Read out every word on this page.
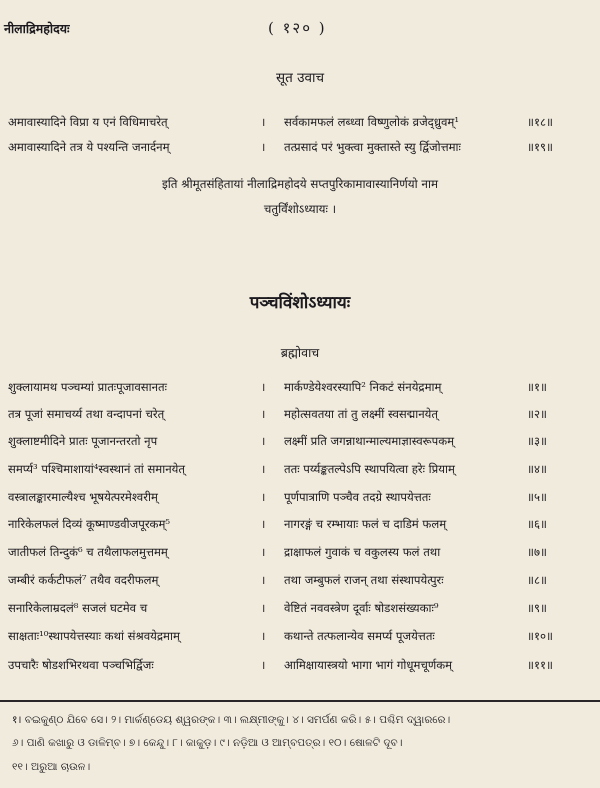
नीलाद्रिमहोदयः	( १२० )
सूत उवाच
अमावास्यादिने विप्रा य एनं विधिमाचरेत्	। सर्वकामफलं लब्ध्वा विष्णुलोकं व्रजेद्ध्रुवम्¹	॥१८॥
अमावास्यादिने तत्र ये पश्यन्ति जनार्दनम्	। तत्प्रसादं परं भुक्त्वा मुक्तास्ते स्यु र्द्विजोत्तमाः	॥१९॥
इति श्रीमूतसंहितायां नीलाद्रिमहोदये सप्तपुरिकामावास्यानिर्णयो नाम
चतुर्विंशोऽध्यायः ।
पञ्चविंशोऽध्यायः
ब्रह्मोवाच
शुक्लायामथ पञ्चम्यां प्रातःपूजावसानतः	। मार्कण्डेयेश्वरस्यापि² निकटं संनयेद्रमाम्	॥१॥
तत्र पूजां समाचर्य्य तथा वन्दापनां चरेत्	। महोत्सवतया तां तु लक्ष्मीं स्वसद्मानयेत्	॥२॥
शुक्लाष्टमीदिने प्रातः पूजानन्तरतो नृप	। लक्ष्मीं प्रति जगन्नाथान्माल्यमाज्ञास्वरूपकम्	॥३॥
समर्प्य³ पश्चिमाशायां⁴स्वस्थानं तां समानयेत्	। ततः पर्य्यङ्कतल्पेऽपि स्थापयित्वा हरेः प्रियाम्	॥४॥
वस्त्रालङ्कारमाल्यैश्च भूषयेत्परमेश्वरीम्	। पूर्णपात्राणि पञ्चैव तदग्रे स्थापयेत्ततः	॥५॥
नारिकेलफलं दिव्यं कूष्माण्डवीजपूरकम्⁵	। नागरङ्गं च रम्भायाः फलं च दाडिमं फलम्	॥६॥
जातीफलं तिन्दुकं⁶ च तथैलाफलमुत्तमम्	। द्राक्षाफलं गुवाकं च वकुलस्य फलं तथा	॥७॥
जम्बीरं कर्कटीफलं⁷ तथैव वदरीफलम्	। तथा जम्बुफलं राजन् तथा संस्थापयेत्पुरः	॥८॥
सनारिकेलाम्रदलं⁸ सजलं घटमेव च	। वेष्टितं नववस्त्रेण दूर्वाः षोडशसंख्यकाः⁹	॥९॥
साक्षताः¹⁰स्थापयेत्तस्याः कथां संश्रवयेद्रमाम्	। कथान्ते तत्फलान्येव समर्प्य पूजयेत्ततः	॥१०॥
उपचारैः षोडशभिरथवा पञ्चभिर्द्विजः	। आमिक्षायास्त्रयो भागा भागं गोधूमचूर्णकम्	॥११॥
१। ବଇକୁଣ୍ଠ ଯିବେ ସେ। ୨। ମାର୍କଣ୍ଡେୟ ଶ୍ୱରଙ୍କ। ୩। ଲକ୍ଷ୍ମୀଙ୍କୁ। ୪। ସମର୍ପଣ କରି। ୫। ପଶ୍ଚିମ ଦ୍ୱାରରେ।
୬। ପାଣି କଖାରୁ ଓ ଡାଳିମ୍ବ। ୭। କେନ୍ଦୁ। ୮। କାକୁଡ଼। ୯। ନଡ଼ିଆ ଓ ଆମ୍ବପତ୍ର। ୧୦। ଷୋଳଟି ଦୂବ।
୧୧। ଅରୁଆ ଚାଉଳ।
